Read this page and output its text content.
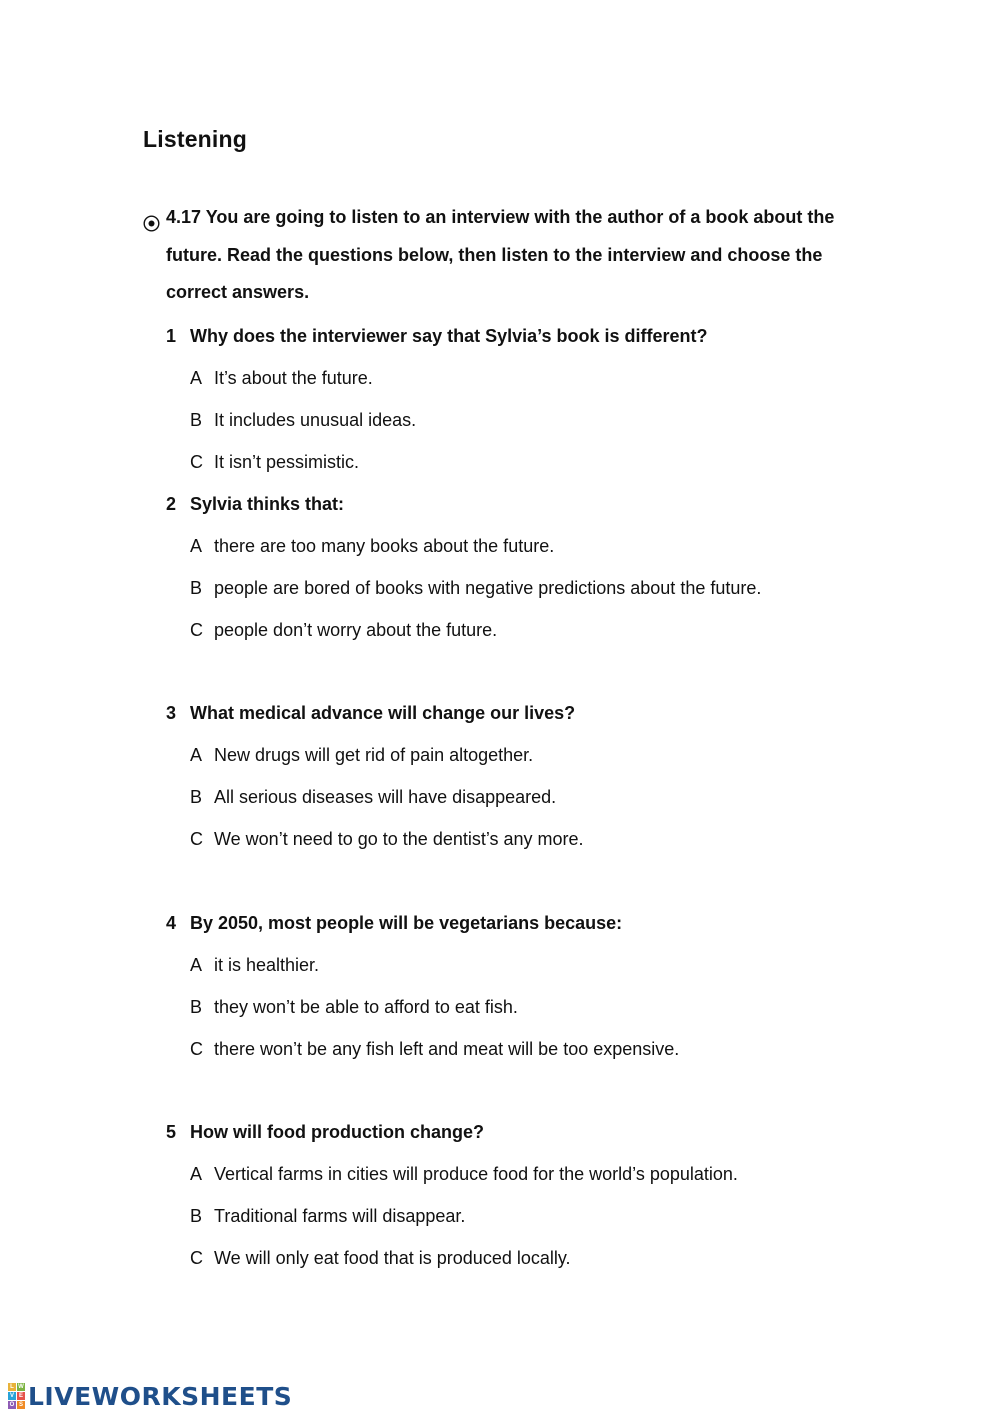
Listening
4.17 You are going to listen to an interview with the author of a book about the
future. Read the questions below, then listen to the interview and choose the
correct answers.
1 Why does the interviewer say that Sylvia’s book is different?
A It’s about the future.
B It includes unusual ideas.
C It isn’t pessimistic.
2 Sylvia thinks that:
A there are too many books about the future.
B people are bored of books with negative predictions about the future.
C people don’t worry about the future.
3 What medical advance will change our lives?
A New drugs will get rid of pain altogether.
B All serious diseases will have disappeared.
C We won’t need to go to the dentist’s any more.
4 By 2050, most people will be vegetarians because:
A it is healthier.
B they won’t be able to afford to eat fish.
C there won’t be any fish left and meat will be too expensive.
5 How will food production change?
A Vertical farms in cities will produce food for the world’s population.
B Traditional farms will disappear.
C We will only eat food that is produced locally.
L W
V E
O S LIVEWORKSHEETS
